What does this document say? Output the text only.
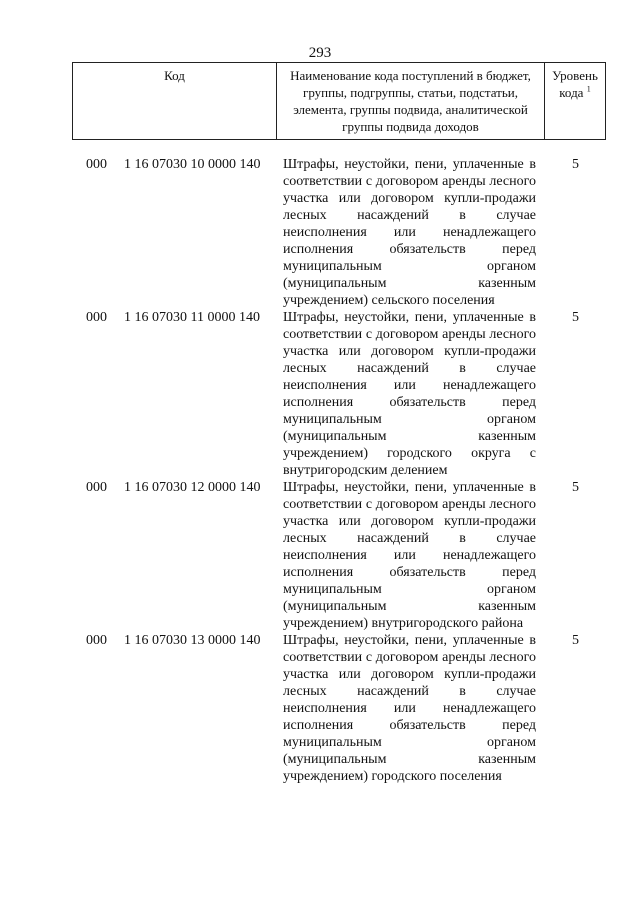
293
Код	Наименование кода поступлений в бюджет, группы, подгруппы, статьи, подстатьи, элемента, группы подвида, аналитической группы подвида доходов
Уровень кода $^1$
000 1 16 07030 10 0000 140 Штрафы, неустойки, пени, уплаченные в соответствии с договором аренды лесного участка или договором купли-продажи лесных насаждений в случае неисполнения или ненадлежащего исполнения обязательств перед муниципальным органом (муниципальным казенным учреждением) сельского поселения
5
000 1 16 07030 11 0000 140 Штрафы, неустойки, пени, уплаченные в соответствии с договором аренды лесного участка или договором купли-продажи лесных насаждений в случае неисполнения или ненадлежащего исполнения обязательств перед муниципальным органом (муниципальным казенным учреждением) городского округа с внутригородским делением
5
000 1 16 07030 12 0000 140 Штрафы, неустойки, пени, уплаченные в соответствии с договором аренды лесного участка или договором купли-продажи лесных насаждений в случае неисполнения или ненадлежащего исполнения обязательств перед муниципальным органом (муниципальным казенным учреждением) внутригородского района
5
000 1 16 07030 13 0000 140 Штрафы, неустойки, пени, уплаченные в соответствии с договором аренды лесного участка или договором купли-продажи лесных насаждений в случае неисполнения или ненадлежащего исполнения обязательств перед муниципальным органом (муниципальным казенным учреждением) городского поселения
5
